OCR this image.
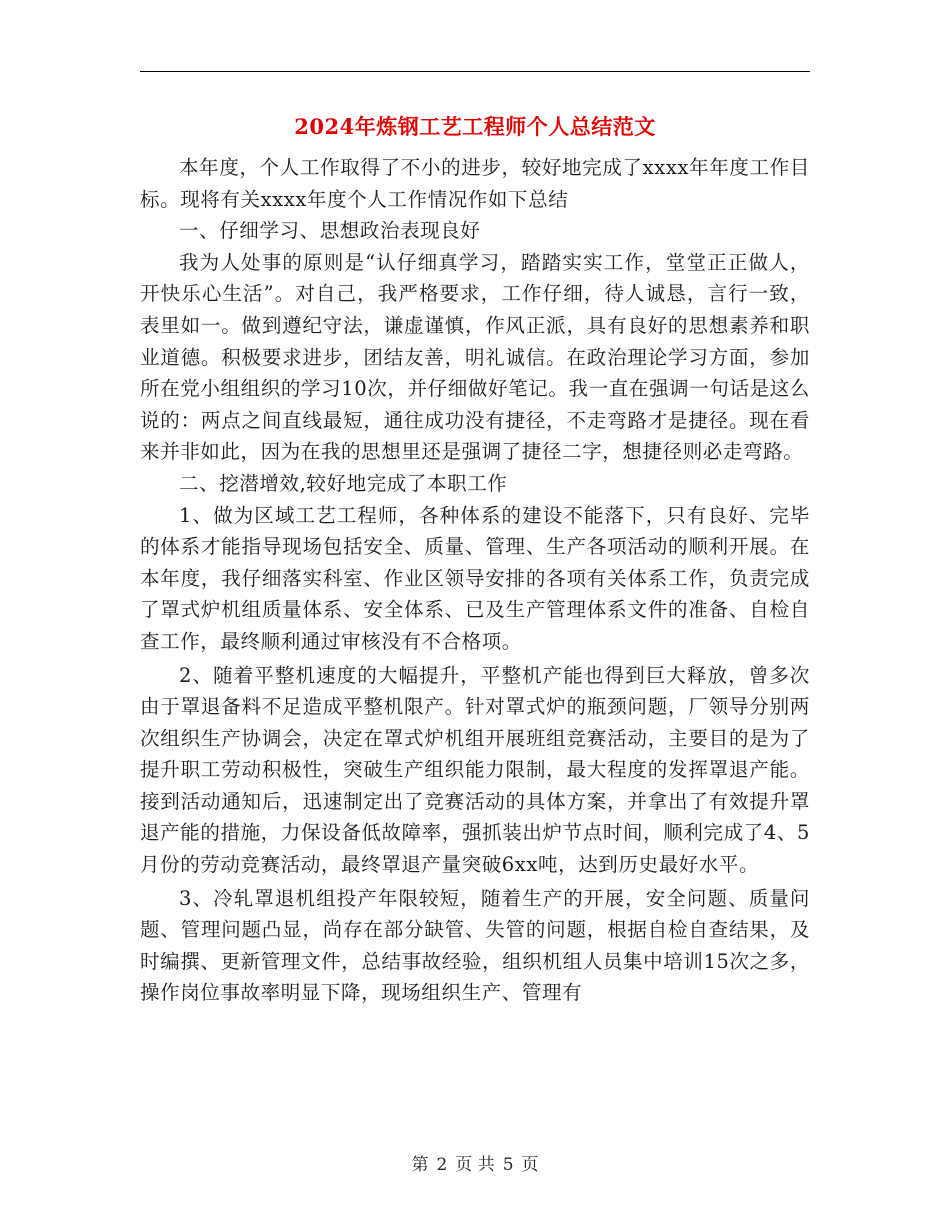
2024年炼钢工艺工程师个人总结范文

本年度，个人工作取得了不小的进步，较好地完成了xxxx年年度工作目标。现将有关xxxx年度个人工作情况作如下总结

一、仔细学习、思想政治表现良好

我为人处事的原则是“认仔细真学习，踏踏实实工作，堂堂正正做人，开快乐心生活”。对自己，我严格要求，工作仔细，待人诚恳，言行一致，表里如一。做到遵纪守法，谦虚谨慎，作风正派，具有良好的思想素养和职业道德。积极要求进步，团结友善，明礼诚信。在政治理论学习方面，参加所在党小组组织的学习10次，并仔细做好笔记。我一直在强调一句话是这么说的：两点之间直线最短，通往成功没有捷径，不走弯路才是捷径。现在看来并非如此，因为在我的思想里还是强调了捷径二字，想捷径则必走弯路。

二、挖潜增效,较好地完成了本职工作

1、做为区域工艺工程师，各种体系的建设不能落下，只有良好、完毕的体系才能指导现场包括安全、质量、管理、生产各项活动的顺利开展。在本年度，我仔细落实科室、作业区领导安排的各项有关体系工作，负责完成了罩式炉机组质量体系、安全体系、已及生产管理体系文件的准备、自检自查工作，最终顺利通过审核没有不合格项。

2、随着平整机速度的大幅提升，平整机产能也得到巨大释放，曾多次由于罩退备料不足造成平整机限产。针对罩式炉的瓶颈问题，厂领导分别两次组织生产协调会，决定在罩式炉机组开展班组竞赛活动，主要目的是为了提升职工劳动积极性，突破生产组织能力限制，最大程度的发挥罩退产能。接到活动通知后，迅速制定出了竞赛活动的具体方案，并拿出了有效提升罩退产能的措施，力保设备低故障率，强抓装出炉节点时间，顺利完成了4、5月份的劳动竞赛活动，最终罩退产量突破6xx吨，达到历史最好水平。

3、冷轧罩退机组投产年限较短，随着生产的开展，安全问题、质量问题、管理问题凸显，尚存在部分缺管、失管的问题，根据自检自查结果，及时编撰、更新管理文件，总结事故经验，组织机组人员集中培训15次之多，操作岗位事故率明显下降，现场组织生产、管理有

第 2 页 共 5 页
